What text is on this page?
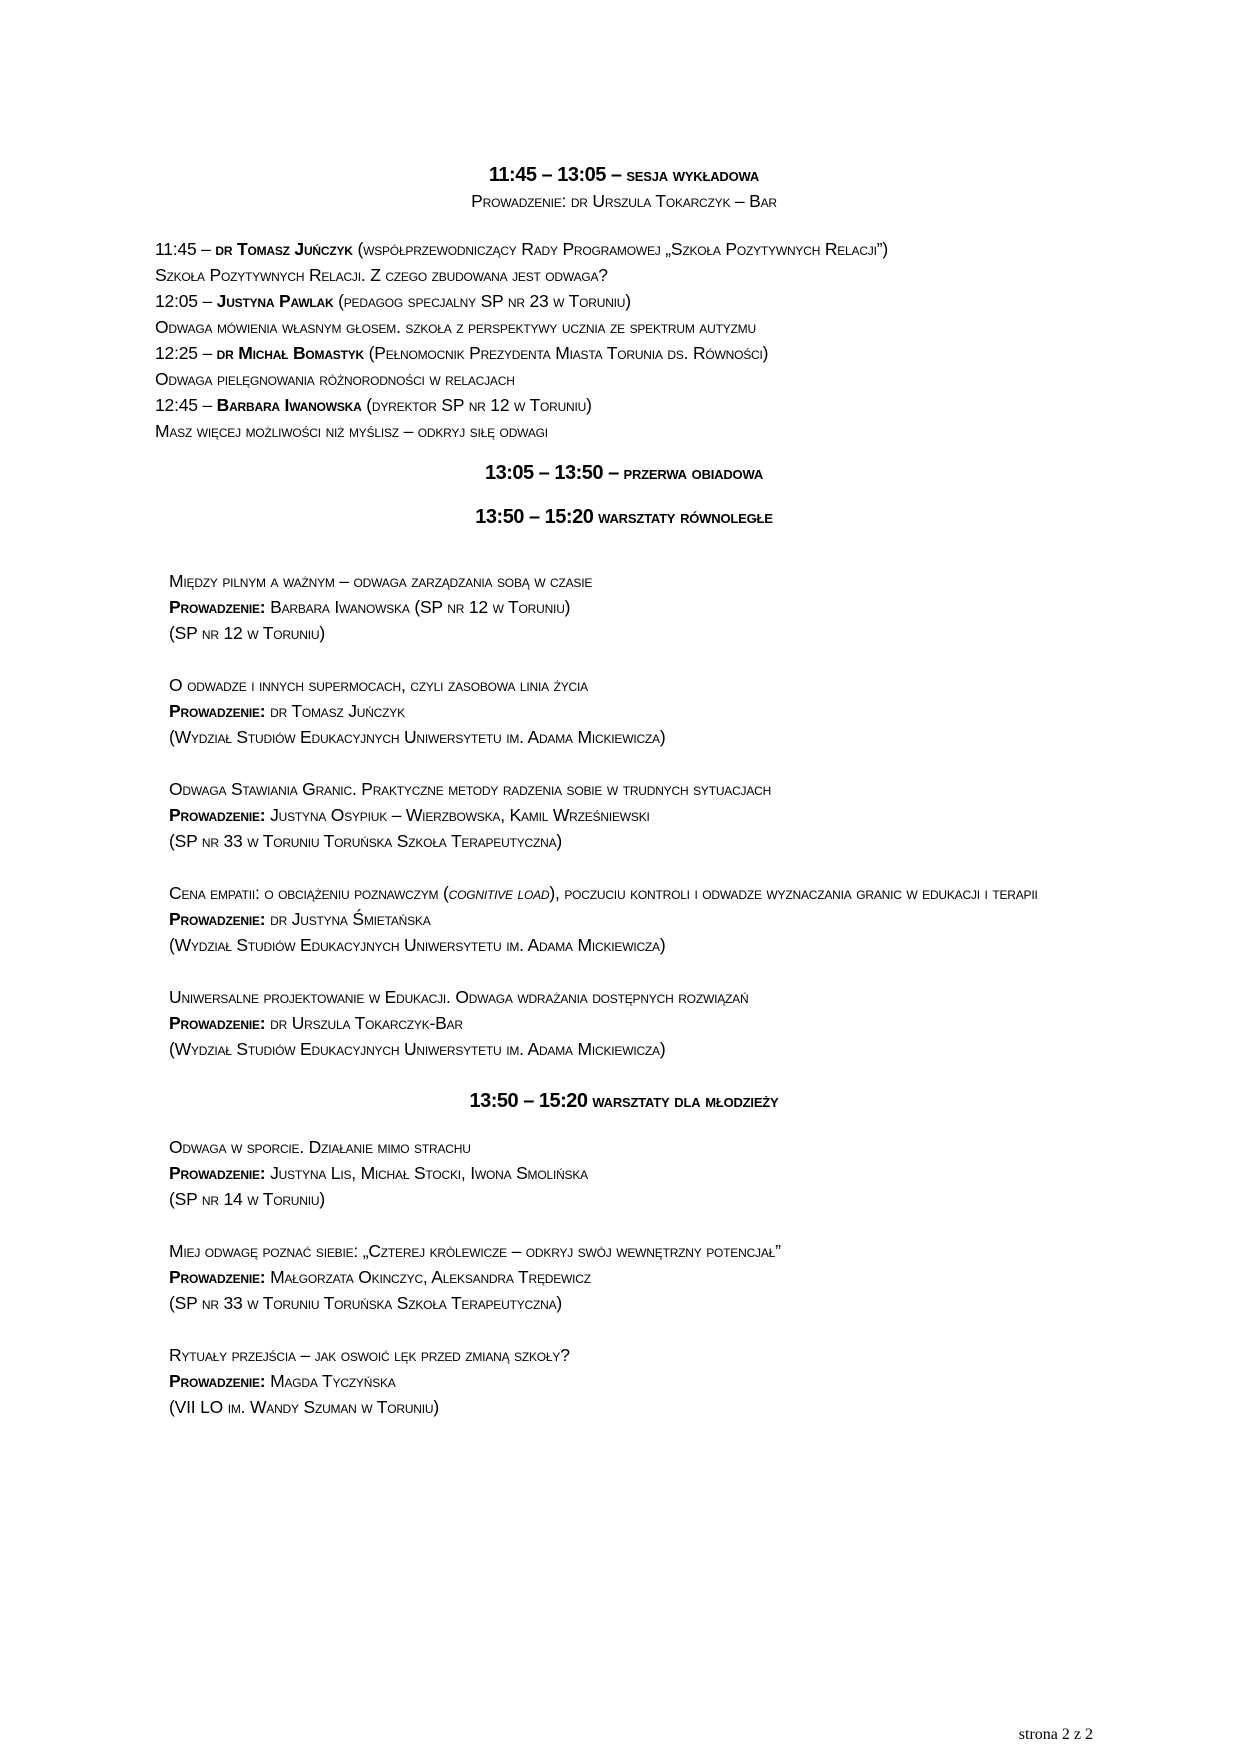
11:45 – 13:05 – sesja wykładowa
Prowadzenie: dr Urszula Tokarczyk – Bar
11:45 – dr Tomasz Juńczyk (współprzewodniczący Rady Programowej „Szkoła Pozytywnych Relacji”)
Szkoła Pozytywnych Relacji. Z czego zbudowana jest odwaga?
12:05 – Justyna Pawlak (pedagog specjalny SP nr 23 w Toruniu)
Odwaga mówienia własnym głosem. szkoła z perspektywy ucznia ze spektrum autyzmu
12:25 – dr Michał Bomastyk (Pełnomocnik Prezydenta Miasta Torunia ds. Równości)
Odwaga pielęgnowania różnorodności w relacjach
12:45 – Barbara Iwanowska (dyrektor SP nr 12 w Toruniu)
Masz więcej możliwości niż myślisz – odkryj siłę odwagi
13:05 – 13:50 – przerwa obiadowa
13:50 – 15:20 warsztaty równoległe
Między pilnym a ważnym – odwaga zarządzania sobą w czasie
Prowadzenie: Barbara Iwanowska (SP nr 12 w Toruniu)
(SP nr 12 w Toruniu)
O odwadze i innych supermocach, czyli zasobowa linia życia
Prowadzenie: dr Tomasz Juńczyk
(Wydział Studiów Edukacyjnych Uniwersytetu im. Adama Mickiewicza)
Odwaga Stawiania Granic. Praktyczne metody radzenia sobie w trudnych sytuacjach
Prowadzenie: Justyna Osypiuk – Wierzbowska, Kamil Wrześniewski
(SP nr 33 w Toruniu Toruńska Szkoła Terapeutyczna)
Cena empatii: o obciążeniu poznawczym (cognitive load), poczuciu kontroli i odwadze wyznaczania granic w edukacji i terapii
Prowadzenie: dr Justyna Śmietańska
(Wydział Studiów Edukacyjnych Uniwersytetu im. Adama Mickiewicza)
Uniwersalne projektowanie w Edukacji. Odwaga wdrażania dostępnych rozwiązań
Prowadzenie: dr Urszula Tokarczyk-Bar
(Wydział Studiów Edukacyjnych Uniwersytetu im. Adama Mickiewicza)
13:50 – 15:20 warsztaty dla młodzieży
Odwaga w sporcie. Działanie mimo strachu
Prowadzenie: Justyna Lis, Michał Stocki, Iwona Smolińska
(SP nr 14 w Toruniu)
Miej odwagę poznać siebie: „Czterej królewicze – odkryj swój wewnętrzny potencjał”
Prowadzenie: Małgorzata Okinczyc, Aleksandra Trędewicz
(SP nr 33 w Toruniu Toruńska Szkoła Terapeutyczna)
Rytuały przejścia – jak oswoić lęk przed zmianą szkoły?
Prowadzenie: Magda Tyczyńska
(VII LO im. Wandy Szuman w Toruniu)
strona 2 z 2
